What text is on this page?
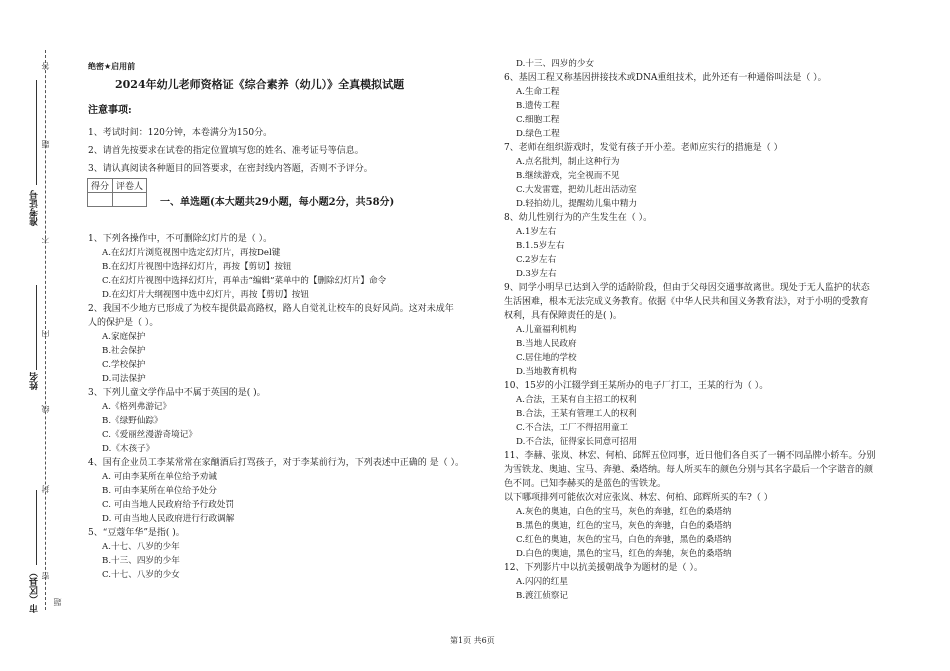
答
题
不
内
线
封
密
题
准考证号
姓名
市（区县）
绝密★启用前
2024年幼儿老师资格证《综合素养（幼儿）》全真模拟试题
注意事项:
1、考试时间：120分钟，本卷满分为150分。
2、请首先按要求在试卷的指定位置填写您的姓名、准考证号等信息。
3、请认真阅读各种题目的回答要求，在密封线内答题，否则不予评分。
得分	评卷人

一、单选题(本大题共29小题，每小题2分，共58分)
1、下列各操作中，不可删除幻灯片的是（ ）。
A.在幻灯片浏览视图中选定幻灯片，再按Del键
B.在幻灯片视图中选择幻灯片，再按【剪切】按钮
C.在幻灯片视图中选择幻灯片，再单击“编辑”菜单中的【删除幻灯片】命令
D.在幻灯片大纲视图中选中幻灯片，再按【剪切】按钮
2、我国不少地方已形成了为校车提供最高路权，路人自觉礼让校车的良好风尚。这对未成年
人的保护是（ ）。
A.家庭保护
B.社会保护
C.学校保护
D.司法保护
3、下列儿童文学作品中不属于英国的是( )。
A.《格列弗游记》
B.《绿野仙踪》
C.《爱丽丝漫游奇境记》
D.《木孩子》
4、国有企业员工李某常常在家酗酒后打骂孩子，对于李某前行为，下列表述中正确的 是（ ）。
A. 可由李某所在单位给予劝诫
B. 可由李某所在单位给予处分
C. 可由当地人民政府给予行政处罚
D. 可由当地人民政府进行行政调解
5、“豆蔻年华”是指( )。
A.十七、八岁的少年
B.十三、四岁的少年
C.十七、八岁的少女
D.十三、四岁的少女
6、基因工程又称基因拼接技术或DNA重组技术，此外还有一种通俗叫法是（ ）。
A.生命工程
B.遗传工程
C.细胞工程
D.绿色工程
7、老师在组织游戏时，发觉有孩子开小差。老师应实行的措施是（ ）
A.点名批判，制止这种行为
B.继续游戏，完全视而不见
C.大发雷霆，把幼儿赶出活动室
D.轻拍幼儿，提醒幼儿集中精力
8、幼儿性别行为的产生发生在（ ）。
A.1岁左右
B.1.5岁左右
C.2岁左右
D.3岁左右
9、同学小明早已达到入学的适龄阶段，但由于父母因交通事故离世。现处于无人监护的状态
生活困难，根本无法完成义务教育。依据《中华人民共和国义务教育法》，对于小明的受教育
权利，具有保障责任的是( )。
A.儿童福利机构
B.当地人民政府
C.居住地的学校
D.当地教育机构
10、15岁的小江辍学到王某所办的电子厂打工，王某的行为（ ）。
A.合法，王某有自主招工的权利
B.合法，王某有管理工人的权利
C.不合法，工厂不得招用童工
D.不合法，征得家长同意可招用
11、李赫、张岚、林宏、何柏、邱辉五位同事，近日他们各自买了一辆不同品牌小轿车。分别
为雪铁龙、奥迪、宝马、奔驰、桑塔纳。每人所买车的颜色分别与其名字最后一个字谐音的颜
色不同。已知李赫买的是蓝色的雪铁龙。
以下哪项排列可能依次对应张岚、林宏、何柏、邱辉所买的车?（ ）
A.灰色的奥迪，白色的宝马，灰色的奔驰，红色的桑塔纳
B.黑色的奥迪，红色的宝马，灰色的奔驰，白色的桑塔纳
C.红色的奥迪，灰色的宝马，白色的奔驰，黑色的桑塔纳
D.白色的奥迪，黑色的宝马，红色的奔驰，灰色的桑塔纳
12、下列影片中以抗美援朝战争为题材的是（ ）。
A.闪闪的红星
B.渡江侦察记
第1页 共6页
